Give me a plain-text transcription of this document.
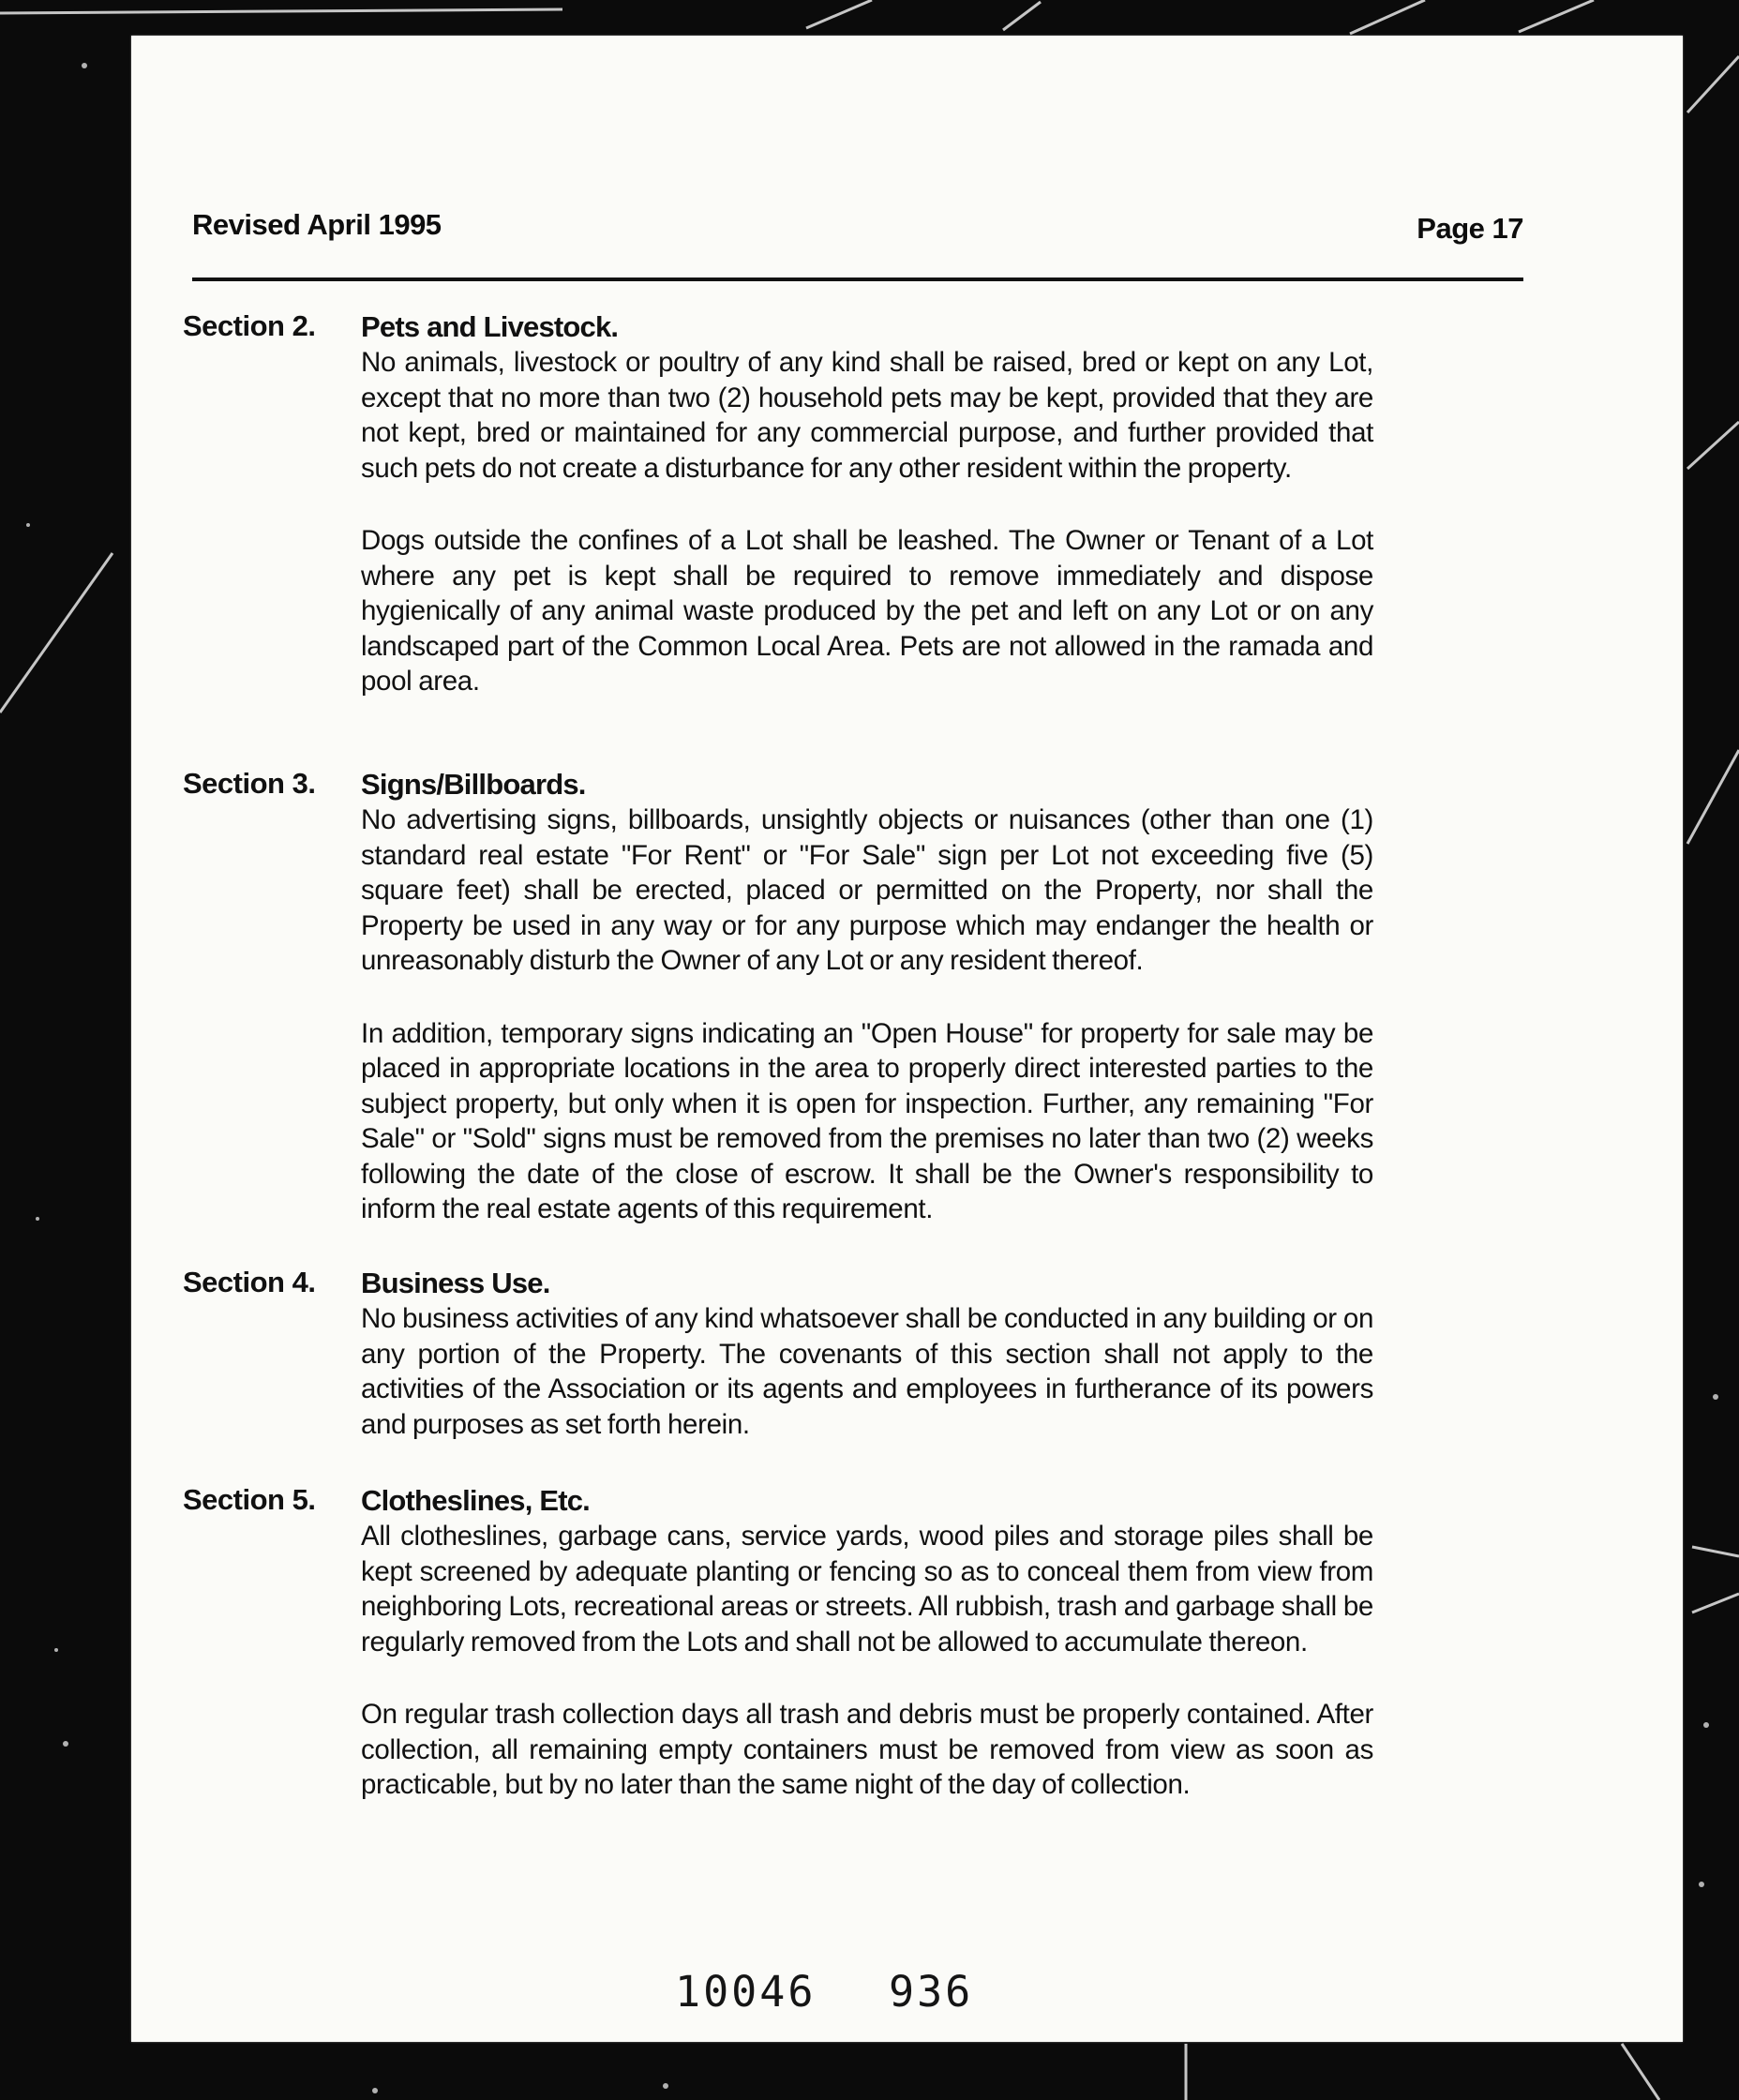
Revised April 1995	Page 17
Section 2. Pets and Livestock.

No animals, livestock or poultry of any kind shall be raised, bred or kept on any Lot, except that no more than two (2) household pets may be kept, provided that they are not kept, bred or maintained for any commercial purpose, and further provided that such pets do not create a disturbance for any other resident within the property.

Dogs outside the confines of a Lot shall be leashed. The Owner or Tenant of a Lot where any pet is kept shall be required to remove immediately and dispose hygienically of any animal waste produced by the pet and left on any Lot or on any landscaped part of the Common Local Area. Pets are not allowed in the ramada and pool area.

Section 3. Signs/Billboards.

No advertising signs, billboards, unsightly objects or nuisances (other than one (1) standard real estate "For Rent" or "For Sale" sign per Lot not exceeding five (5) square feet) shall be erected, placed or permitted on the Property, nor shall the Property be used in any way or for any purpose which may endanger the health or unreasonably disturb the Owner of any Lot or any resident thereof.

In addition, temporary signs indicating an "Open House" for property for sale may be placed in appropriate locations in the area to properly direct interested parties to the subject property, but only when it is open for inspection. Further, any remaining "For Sale" or "Sold" signs must be removed from the premises no later than two (2) weeks following the date of the close of escrow. It shall be the Owner's responsibility to inform the real estate agents of this requirement.

Section 4. Business Use.

No business activities of any kind whatsoever shall be conducted in any building or on any portion of the Property. The covenants of this section shall not apply to the activities of the Association or its agents and employees in furtherance of its powers and purposes as set forth herein.

Section 5. Clotheslines, Etc.

All clotheslines, garbage cans, service yards, wood piles and storage piles shall be kept screened by adequate planting or fencing so as to conceal them from view from neighboring Lots, recreational areas or streets. All rubbish, trash and garbage shall be regularly removed from the Lots and shall not be allowed to accumulate thereon.

On regular trash collection days all trash and debris must be properly contained. After collection, all remaining empty containers must be removed from view as soon as practicable, but by no later than the same night of the day of collection.

10046 936
